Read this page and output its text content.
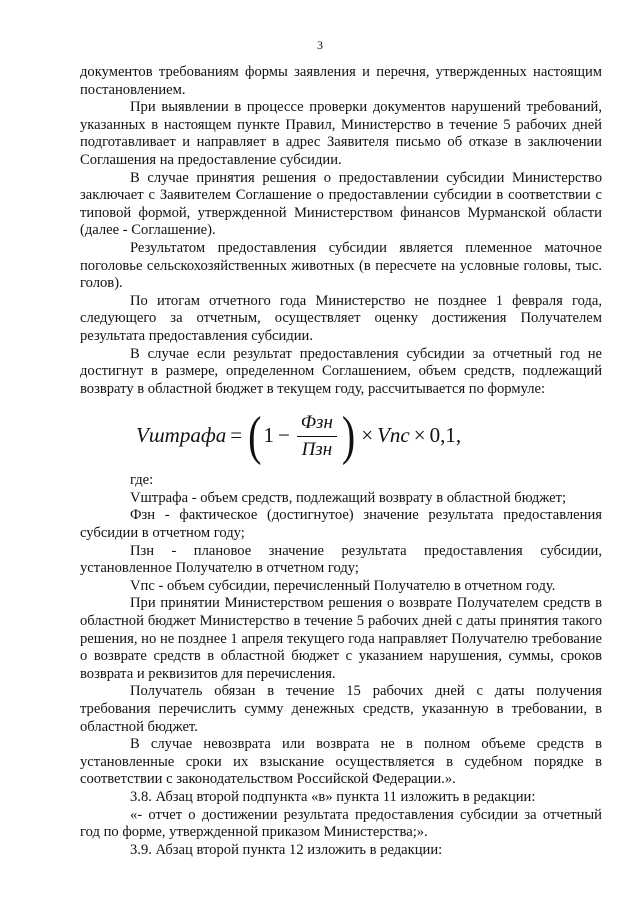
3

документов требованиям формы заявления и перечня, утвержденных настоящим постановлением.

При выявлении в процессе проверки документов нарушений требований, указанных в настоящем пункте Правил, Министерство в течение 5 рабочих дней подготавливает и направляет в адрес Заявителя письмо об отказе в заключении Соглашения на предоставление субсидии.

В случае принятия решения о предоставлении субсидии Министерство заключает с Заявителем Соглашение о предоставлении субсидии в соответствии с типовой формой, утвержденной Министерством финансов Мурманской области (далее - Соглашение).

Результатом предоставления субсидии является племенное маточное поголовье сельскохозяйственных животных (в пересчете на условные головы, тыс. голов).

По итогам отчетного года Министерство не позднее 1 февраля года, следующего за отчетным, осуществляет оценку достижения Получателем результата предоставления субсидии.

В случае если результат предоставления субсидии за отчетный год не достигнут в размере, определенном Соглашением, объем средств, подлежащий возврату в областной бюджет в текущем году, рассчитывается по формуле:

Vштрафа = ( $1 - \frac{\text{Фзн}}{\text{Пзн}}$ ) × Vпс × 0,1,

где:

Vштрафа - объем средств, подлежащий возврату в областной бюджет;

Фзн - фактическое (достигнутое) значение результата предоставления субсидии в отчетном году;

Пзн - плановое значение результата предоставления субсидии, установленное Получателю в отчетном году;

Vпс - объем субсидии, перечисленный Получателю в отчетном году.

При принятии Министерством решения о возврате Получателем средств в областной бюджет Министерство в течение 5 рабочих дней с даты принятия такого решения, но не позднее 1 апреля текущего года направляет Получателю требование о возврате средств в областной бюджет с указанием нарушения, суммы, сроков возврата и реквизитов для перечисления.

Получатель обязан в течение 15 рабочих дней с даты получения требования перечислить сумму денежных средств, указанную в требовании, в областной бюджет.

В случае невозврата или возврата не в полном объеме средств в установленные сроки их взыскание осуществляется в судебном порядке в соответствии с законодательством Российской Федерации.».

3.8. Абзац второй подпункта «в» пункта 11 изложить в редакции:

«- отчет о достижении результата предоставления субсидии за отчетный год по форме, утвержденной приказом Министерства;».

3.9. Абзац второй пункта 12 изложить в редакции:
